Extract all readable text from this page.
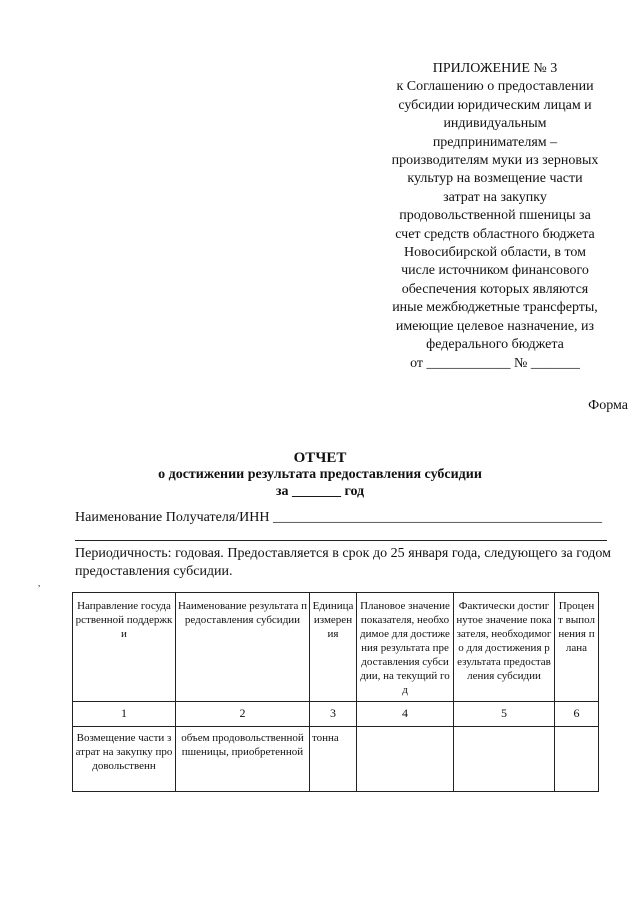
ПРИЛОЖЕНИЕ № 3
к Соглашению о предоставлении
субсидии юридическим лицам и
индивидуальным
предпринимателям –
производителям муки из зерновых
культур на возмещение части
затрат на закупку
продовольственной пшеницы за
счет средств областного бюджета
Новосибирской области, в том
числе источником финансового
обеспечения которых являются
иные межбюджетные трансферты,
имеющие целевое назначение, из
федерального бюджета
от ____________ № _______
Форма
ОТЧЕТ
о достижении результата предоставления субсидии
за _______ год
Наименование Получателя/ИНН _______________________________________________
Периодичность: годовая. Предоставляется в срок до 25 января года, следующего за годом предоставления субсидии.
,
Направление государственной поддержки	Наименование результата предоставления субсидии	Единица измерения	Плановое значение показателя, необходимое для достижения результата предоставления субсидии, на текущий год	Фактически достигнутое значение показателя, необходимого для достижения результата предоставления субсидии	Процент выполнения плана
1	2	3	4	5	6
Возмещение части затрат на закупку продовольственн	объем продовольственной пшеницы, приобретенной	тонна			
